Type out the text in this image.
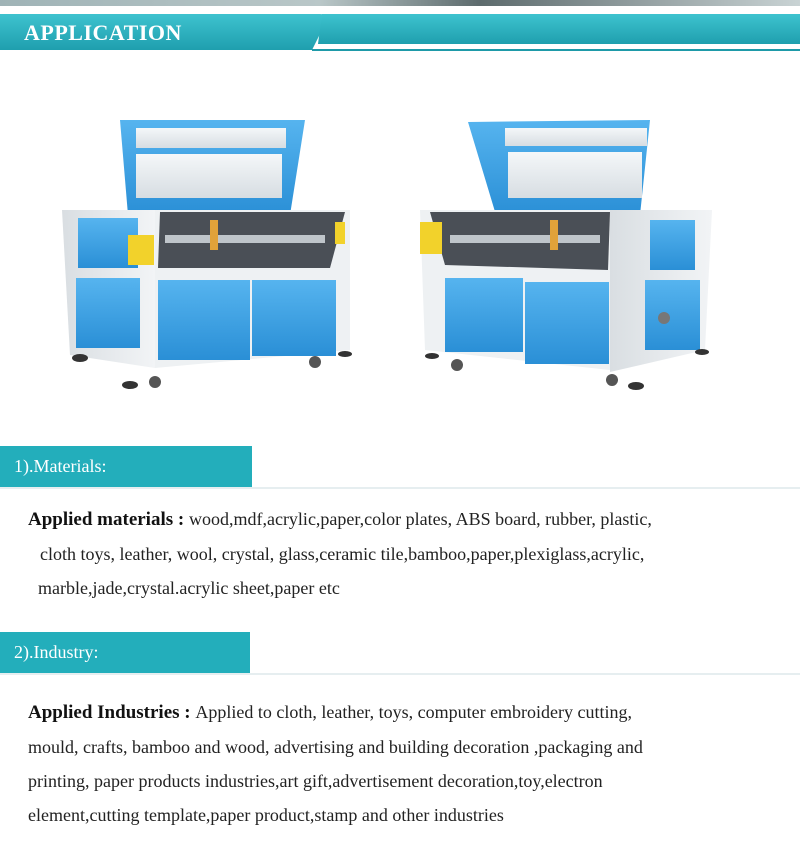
APPLICATION
1).Materials:
Applied materials : wood,mdf,acrylic,paper,color plates, ABS board, rubber, plastic,
cloth toys, leather, wool, crystal, glass,ceramic tile,bamboo,paper,plexiglass,acrylic,
marble,jade,crystal.acrylic sheet,paper etc
2).Industry:
Applied Industries : Applied to cloth, leather, toys, computer embroidery cutting,
mould, crafts, bamboo and wood, advertising and building decoration ,packaging and
printing, paper products industries,art gift,advertisement decoration,toy,electron
element,cutting template,paper product,stamp and other industries
